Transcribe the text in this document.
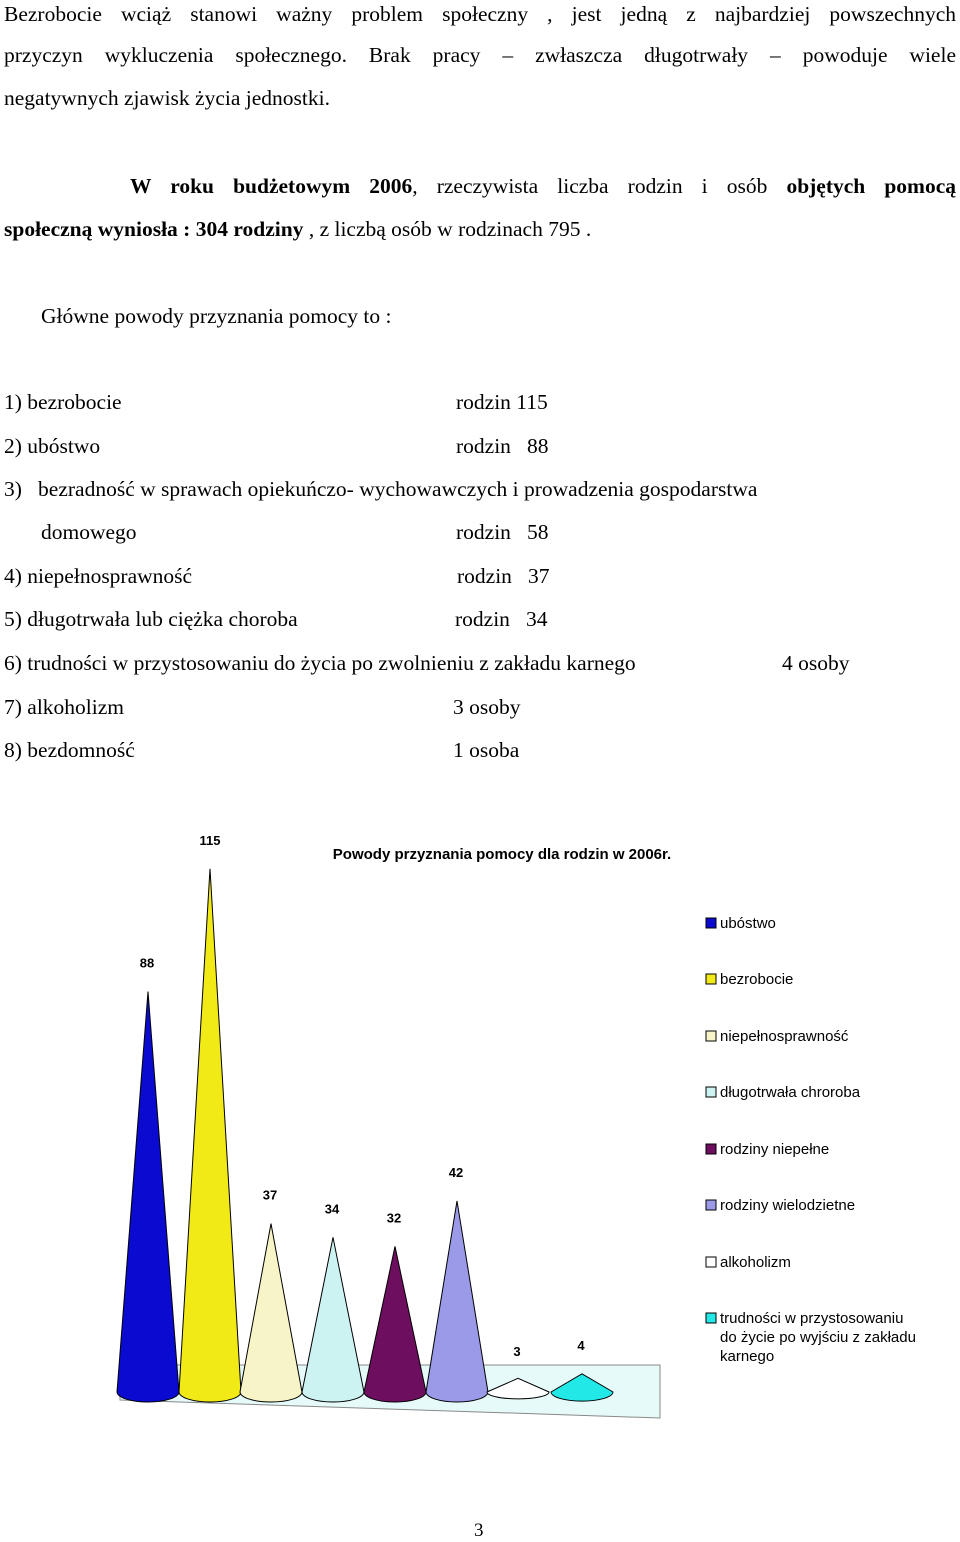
Bezrobocie wciąż stanowi ważny problem społeczny , jest jedną z najbardziej powszechnych
przyczyn wykluczenia społecznego. Brak pracy – zwłaszcza długotrwały – powoduje wiele
negatywnych zjawisk życia jednostki.
W roku budżetowym 2006, rzeczywista liczba rodzin i osób objętych pomocą
społeczną wyniosła : 304 rodziny , z liczbą osób w rodzinach 795 .
Główne powody przyznania pomocy to :
1) bezrobocie	rodzin 115
2) ubóstwo	rodzin   88
3)   bezradność w sprawach opiekuńczo- wychowawczych i prowadzenia gospodarstwa
domowego	rodzin   58
4) niepełnosprawność	rodzin   37
5) długotrwała lub ciężka choroba	rodzin   34
6) trudności w przystosowaniu do życia po zwolnieniu z zakładu karnego	4 osoby
7) alkoholizm	3 osoby
8) bezdomność	1 osoba
Powody przyznania pomocy dla rodzin w 2006r.
88
115
37
34
32
42
3	4
ubóstwo
bezrobocie
niepełnosprawność
długotrwała chroroba
rodziny niepełne
rodziny wielodzietne
alkoholizm
trudności w przystosowaniu
do życie po wyjściu z zakładu
karnego
3
